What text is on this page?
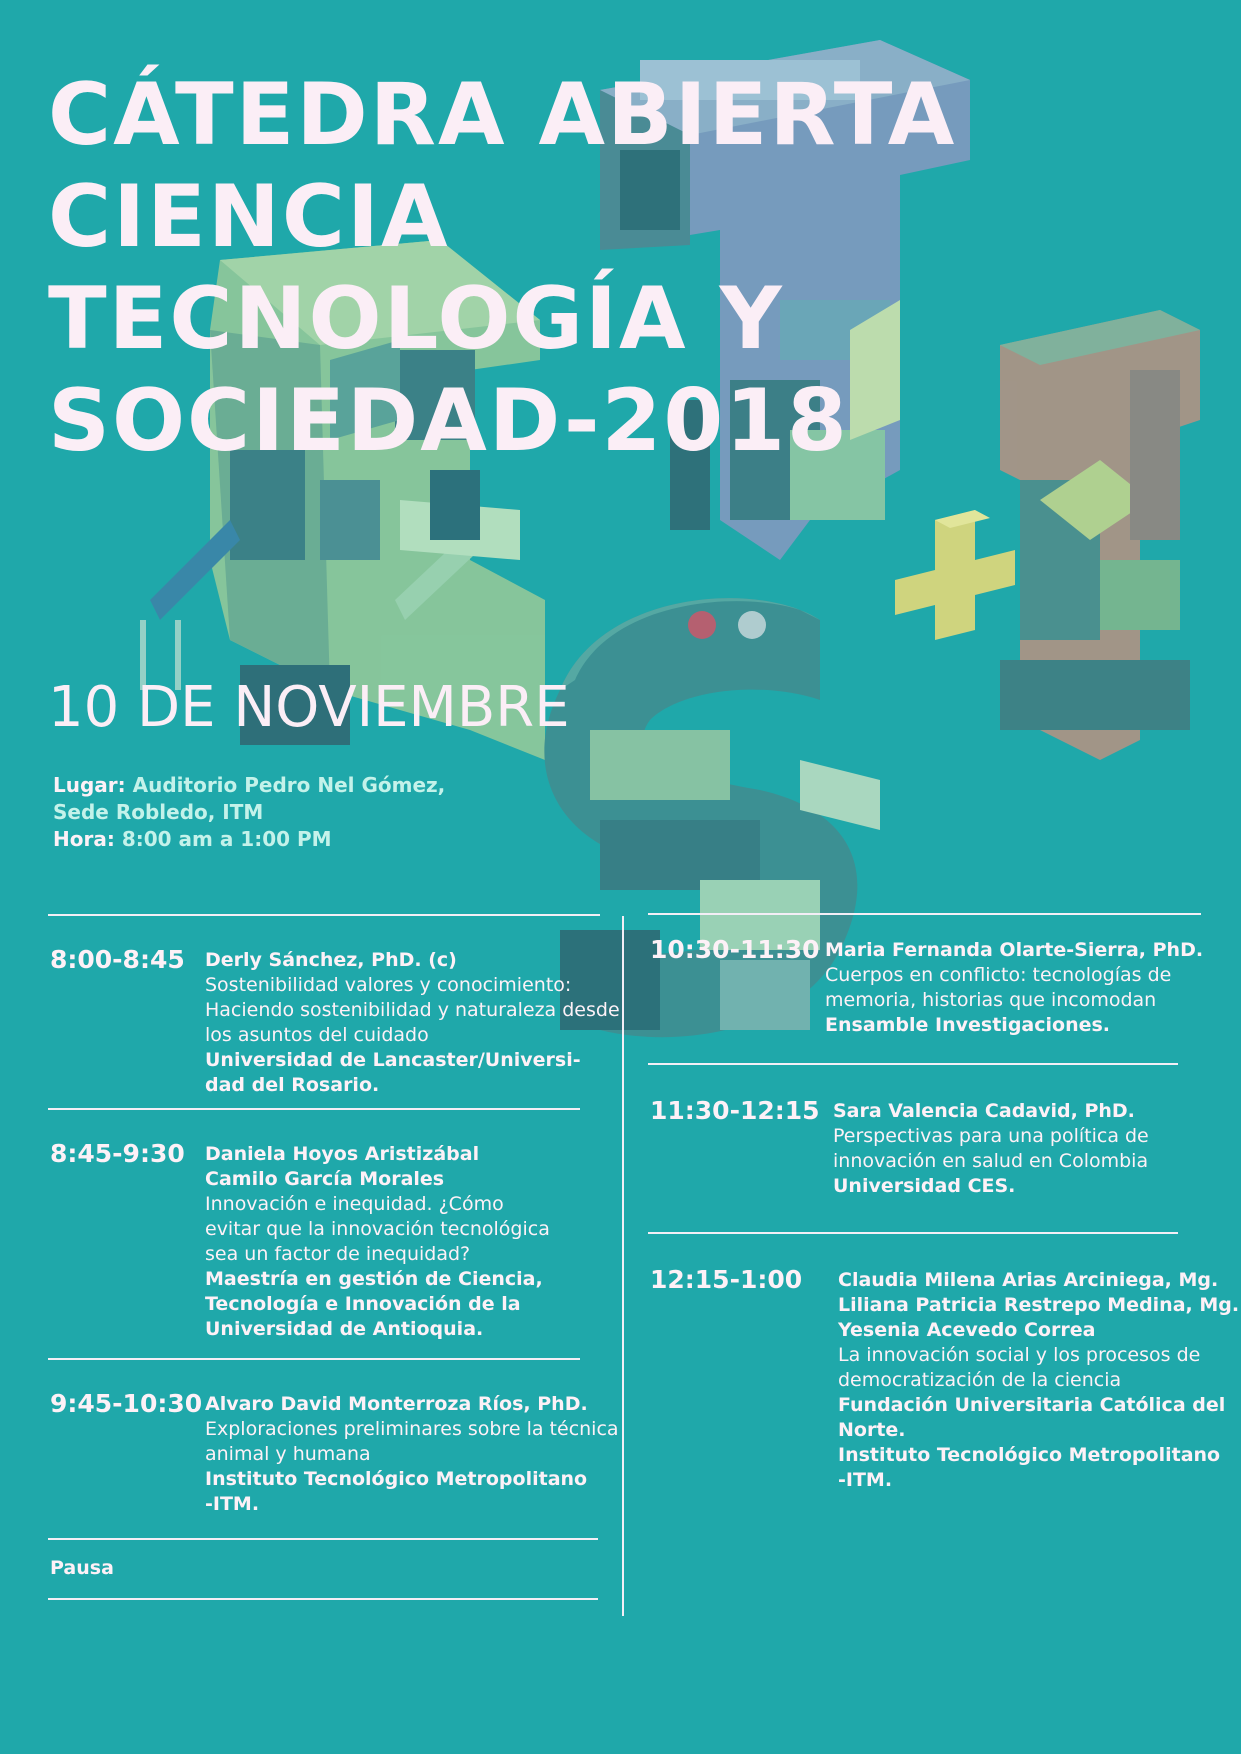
CÁTEDRA ABIERTA
CIENCIA
TECNOLOGÍA Y
SOCIEDAD-2018
10 DE NOVIEMBRE
Lugar: Auditorio Pedro Nel Gómez,
Sede Robledo, ITM
Hora: 8:00 am a 1:00 PM
8:00-8:45 Derly Sánchez, PhD. (c)
Sostenibilidad valores y conocimiento:
Haciendo sostenibilidad y naturaleza desde
los asuntos del cuidado
Universidad de Lancaster/Universi-
dad del Rosario.
8:45-9:30 Daniela Hoyos Aristizábal
Camilo García Morales
Innovación e inequidad. ¿Cómo
evitar que la innovación tecnológica
sea un factor de inequidad?
Maestría en gestión de Ciencia,
Tecnología e Innovación de la
Universidad de Antioquia.
9:45-10:30 Alvaro David Monterroza Ríos, PhD.
Exploraciones preliminares sobre la técnica
animal y humana
Instituto Tecnológico Metropolitano
-ITM.
Pausa
10:30-11:30 Maria Fernanda Olarte-Sierra, PhD.
Cuerpos en conflicto: tecnologías de
memoria, historias que incomodan
Ensamble Investigaciones.
11:30-12:15 Sara Valencia Cadavid, PhD.
Perspectivas para una política de
innovación en salud en Colombia
Universidad CES.
12:15-1:00 Claudia Milena Arias Arciniega, Mg.
Liliana Patricia Restrepo Medina, Mg.
Yesenia Acevedo Correa
La innovación social y los procesos de
democratización de la ciencia
Fundación Universitaria Católica del
Norte.
Instituto Tecnológico Metropolitano
-ITM.
